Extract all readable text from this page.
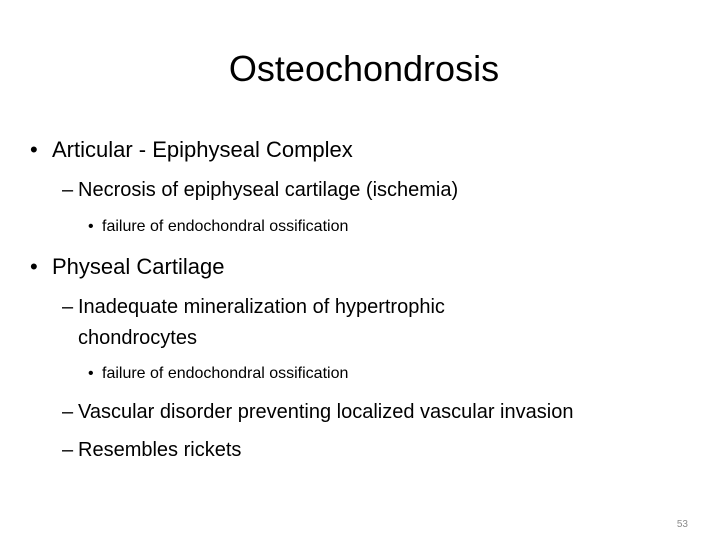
Osteochondrosis
• Articular - Epiphyseal Complex
– Necrosis of epiphyseal cartilage (ischemia)
• failure of endochondral ossification
• Physeal Cartilage
– Inadequate mineralization of hypertrophic
chondrocytes
• failure of endochondral ossification
– Vascular disorder preventing localized vascular invasion
– Resembles rickets
53
